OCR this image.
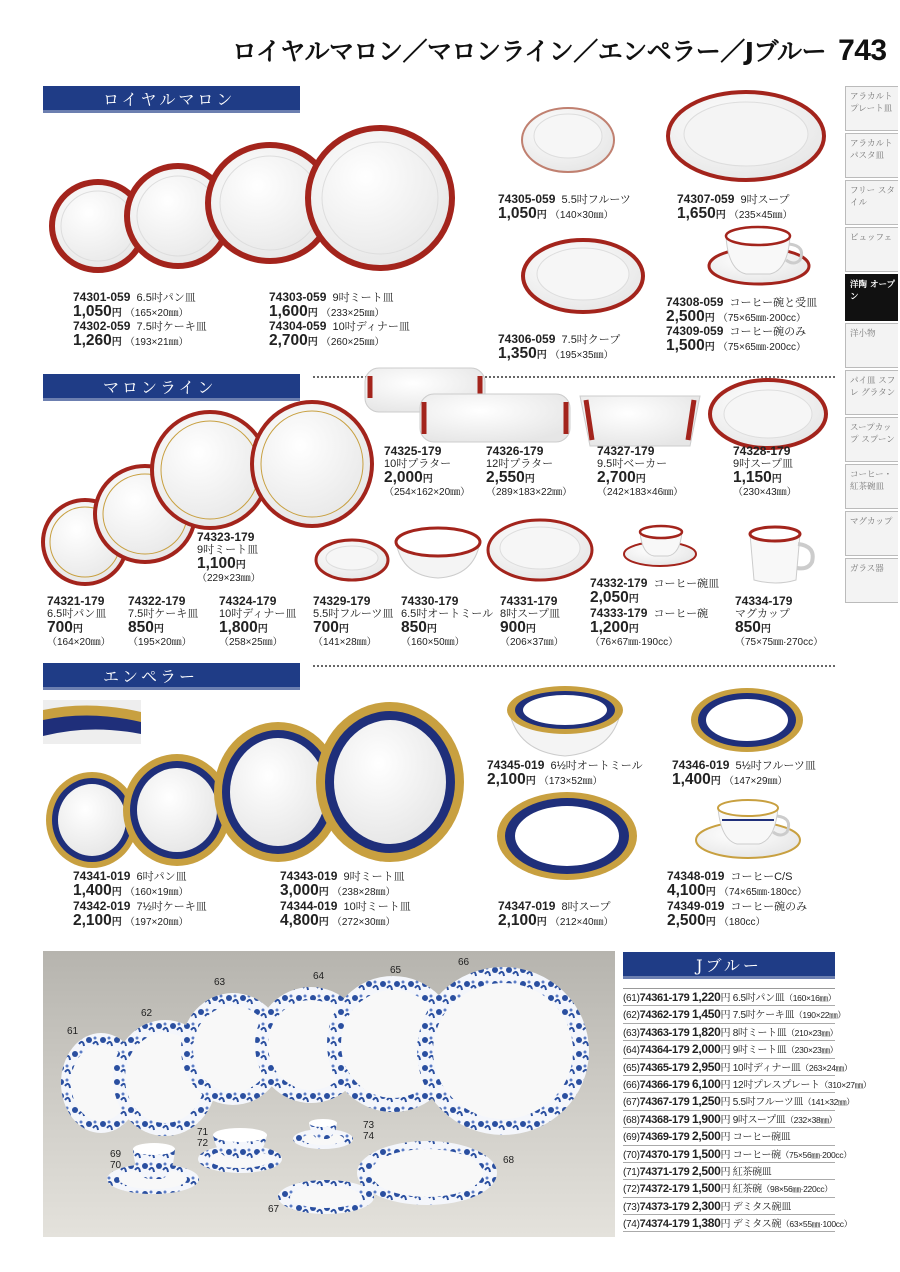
ロイヤルマロン／マロンライン／エンペラー／Jブルー 743
アラカルト プレート皿
アラカルト パスタ皿
フリー スタイル
ビュッフェ
洋陶 オープン
洋小物
パイ皿 スフレ グラタン
スープカップ スプーン
コーヒー・ 紅茶碗皿
マグカップ
ガラス器
ロイヤルマロン
マロンライン
エンペラー
Jブルー
74301-059 6.5吋パン皿
1,050円 （165×20㎜）
74302-059 7.5吋ケーキ皿
1,260円 （193×21㎜）
74303-059 9吋ミート皿
1,600円 （233×25㎜）
74304-059 10吋ディナー皿
2,700円 （260×25㎜）
74305-059 5.5吋フルーツ
1,050円 （140×30㎜）
74307-059 9吋スープ
1,650円 （235×45㎜）
74306-059 7.5吋クープ
1,350円 （195×35㎜）
74308-059 コーヒー碗と受皿
2,500円 （75×65㎜·200cc）
74309-059 コーヒー碗のみ
1,500円 （75×65㎜·200cc）
74325-179
10吋プラター
2,000円
（254×162×20㎜）
74326-179
12吋プラター
2,550円
（289×183×22㎜）
74327-179
9.5吋ベーカー
2,700円
（242×183×46㎜）
74328-179
9吋スープ皿
1,150円
（230×43㎜）
74323-179
9吋ミート皿
1,100円
（229×23㎜）
74321-179
6.5吋パン皿
700円
（164×20㎜）
74322-179
7.5吋ケーキ皿
850円
（195×20㎜）
74324-179
10吋ディナー皿
1,800円
（258×25㎜）
74329-179
5.5吋フルーツ皿
700円
（141×28㎜）
74330-179
6.5吋オートミール
850円
（160×50㎜）
74331-179
8吋スープ皿
900円
（206×37㎜）
74332-179 コーヒー碗皿
2,050円
74333-179 コーヒー碗
1,200円
（76×67㎜·190cc）
74334-179
マグカップ
850円
（75×75㎜·270cc）
74341-019 6吋パン皿
1,400円 （160×19㎜）
74342-019 7½吋ケーキ皿
2,100円 （197×20㎜）
74343-019 9吋ミート皿
3,000円 （238×28㎜）
74344-019 10吋ミート皿
4,800円 （272×30㎜）
74345-019 6½吋オートミール
2,100円 （173×52㎜）
74346-019 5½吋フルーツ皿
1,400円 （147×29㎜）
74347-019 8吋スープ
2,100円 （212×40㎜）
74348-019 コーヒーC/S
4,100円 （74×65㎜·180cc）
74349-019 コーヒー碗のみ
2,500円 （180cc）
61
62
63
64
65
66
67
68
69
70
71
72
73
74
(61)74361-179 1,220円 6.5吋パン皿（160×16㎜）
(62)74362-179 1,450円 7.5吋ケーキ皿（190×22㎜）
(63)74363-179 1,820円 8吋ミート皿（210×23㎜）
(64)74364-179 2,000円 9吋ミート皿（230×23㎜）
(65)74365-179 2,950円 10吋ディナー皿（263×24㎜）
(66)74366-179 6,100円 12吋プレスプレート（310×27㎜）
(67)74367-179 1,250円 5.5吋フルーツ皿（141×32㎜）
(68)74368-179 1,900円 9吋スープ皿（232×38㎜）
(69)74369-179 2,500円 コーヒー碗皿
(70)74370-179 1,500円 コーヒー碗（75×56㎜·200cc）
(71)74371-179 2,500円 紅茶碗皿
(72)74372-179 1,500円 紅茶碗（98×56㎜·220cc）
(73)74373-179 2,300円 デミタス碗皿
(74)74374-179 1,380円 デミタス碗（63×55㎜·100cc）
